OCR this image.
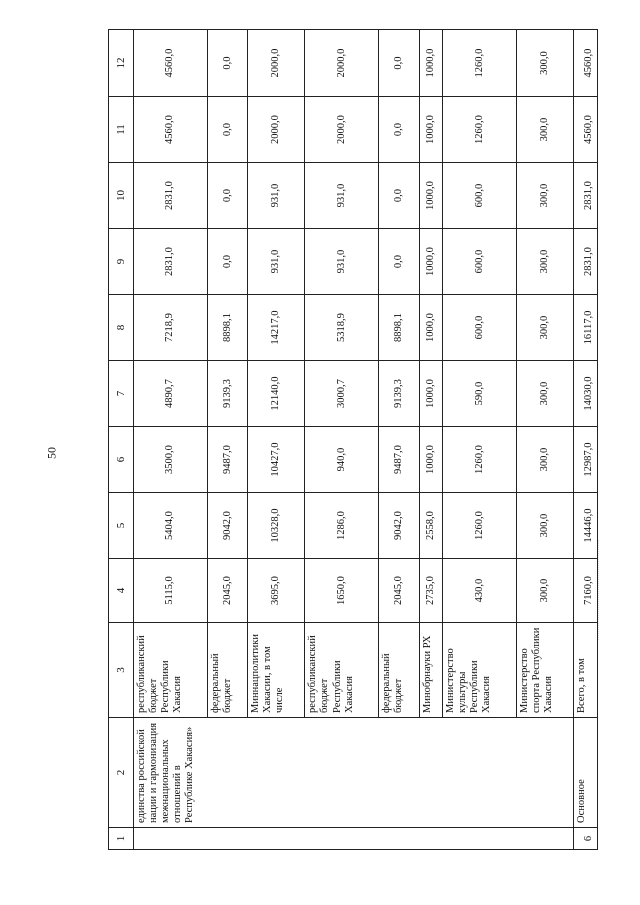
50
1	2	3	4	5	6	7	8	9	10	11	12
	единства российской нации и гармонизация межнациональных отношений в Республике Хакасия»	республиканский бюджет Республики Хакасия	5115,0	5404,0	3500,0	4890,7	7218,9	2831,0	2831,0	4560,0	4560,0
		федеральный бюджет	2045,0	9042,0	9487,0	9139,3	8898,1	0,0	0,0	0,0	0,0
		Миннацполитики Хакасии, в том числе	3695,0	10328,0	10427,0	12140,0	14217,0	931,0	931,0	2000,0	2000,0
		республиканский бюджет Республики Хакасия	1650,0	1286,0	940,0	3000,7	5318,9	931,0	931,0	2000,0	2000,0
		федеральный бюджет	2045,0	9042,0	9487,0	9139,3	8898,1	0,0	0,0	0,0	0,0
		Минобрнауки РХ	2735,0	2558,0	1000,0	1000,0	1000,0	1000,0	1000,0	1000,0	1000,0
		Министерство культуры Республики Хакасия	430,0	1260,0	1260,0	590,0	600,0	600,0	600,0	1260,0	1260,0
		Министерство спорта Республики Хакасия	300,0	300,0	300,0	300,0	300,0	300,0	300,0	300,0	300,0
6	Основное	Всего, в том	7160,0	14446,0	12987,0	14030,0	16117,0	2831,0	2831,0	4560,0	4560,0
